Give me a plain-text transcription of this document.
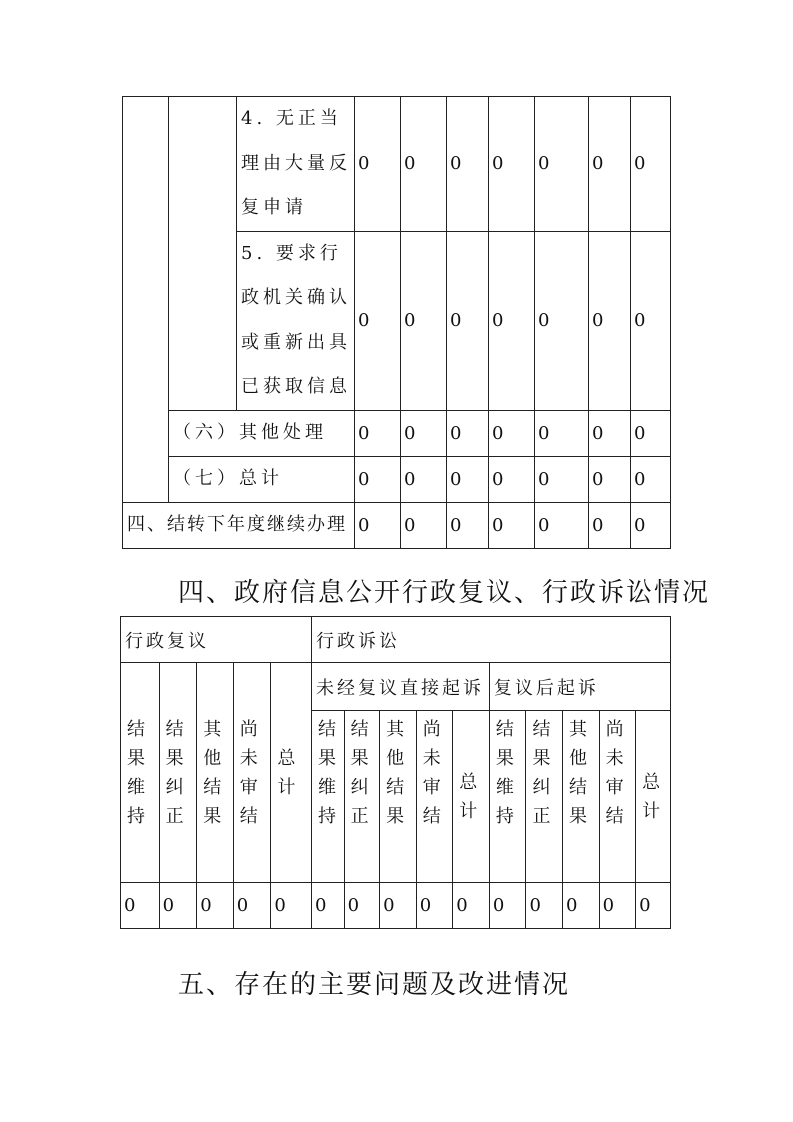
		4. 无正当理由大量反复申请	0	0	0	0	0	0	0
		5. 要求行政机关确认或重新出具已获取信息	0	0	0	0	0	0	0
	（六）其他处理		0	0	0	0	0	0	0
	（七）总计		0	0	0	0	0	0	0
四、结转下年度继续办理			0	0	0	0	0	0	0
四、政府信息公开行政复议、行政诉讼情况
行政复议					行政诉讼									

结果维持	结果纠正	其他结果	尚未审结	总计	未经复议直接起诉					复议后起诉				

					结果维持	结果纠正	其他结果	尚未审结	总计	结果维持	结果纠正	其他结果	尚未审结	总计

0	0	0	0	0	0	0	0	0	0	0	0	0	0	0
五、存在的主要问题及改进情况
